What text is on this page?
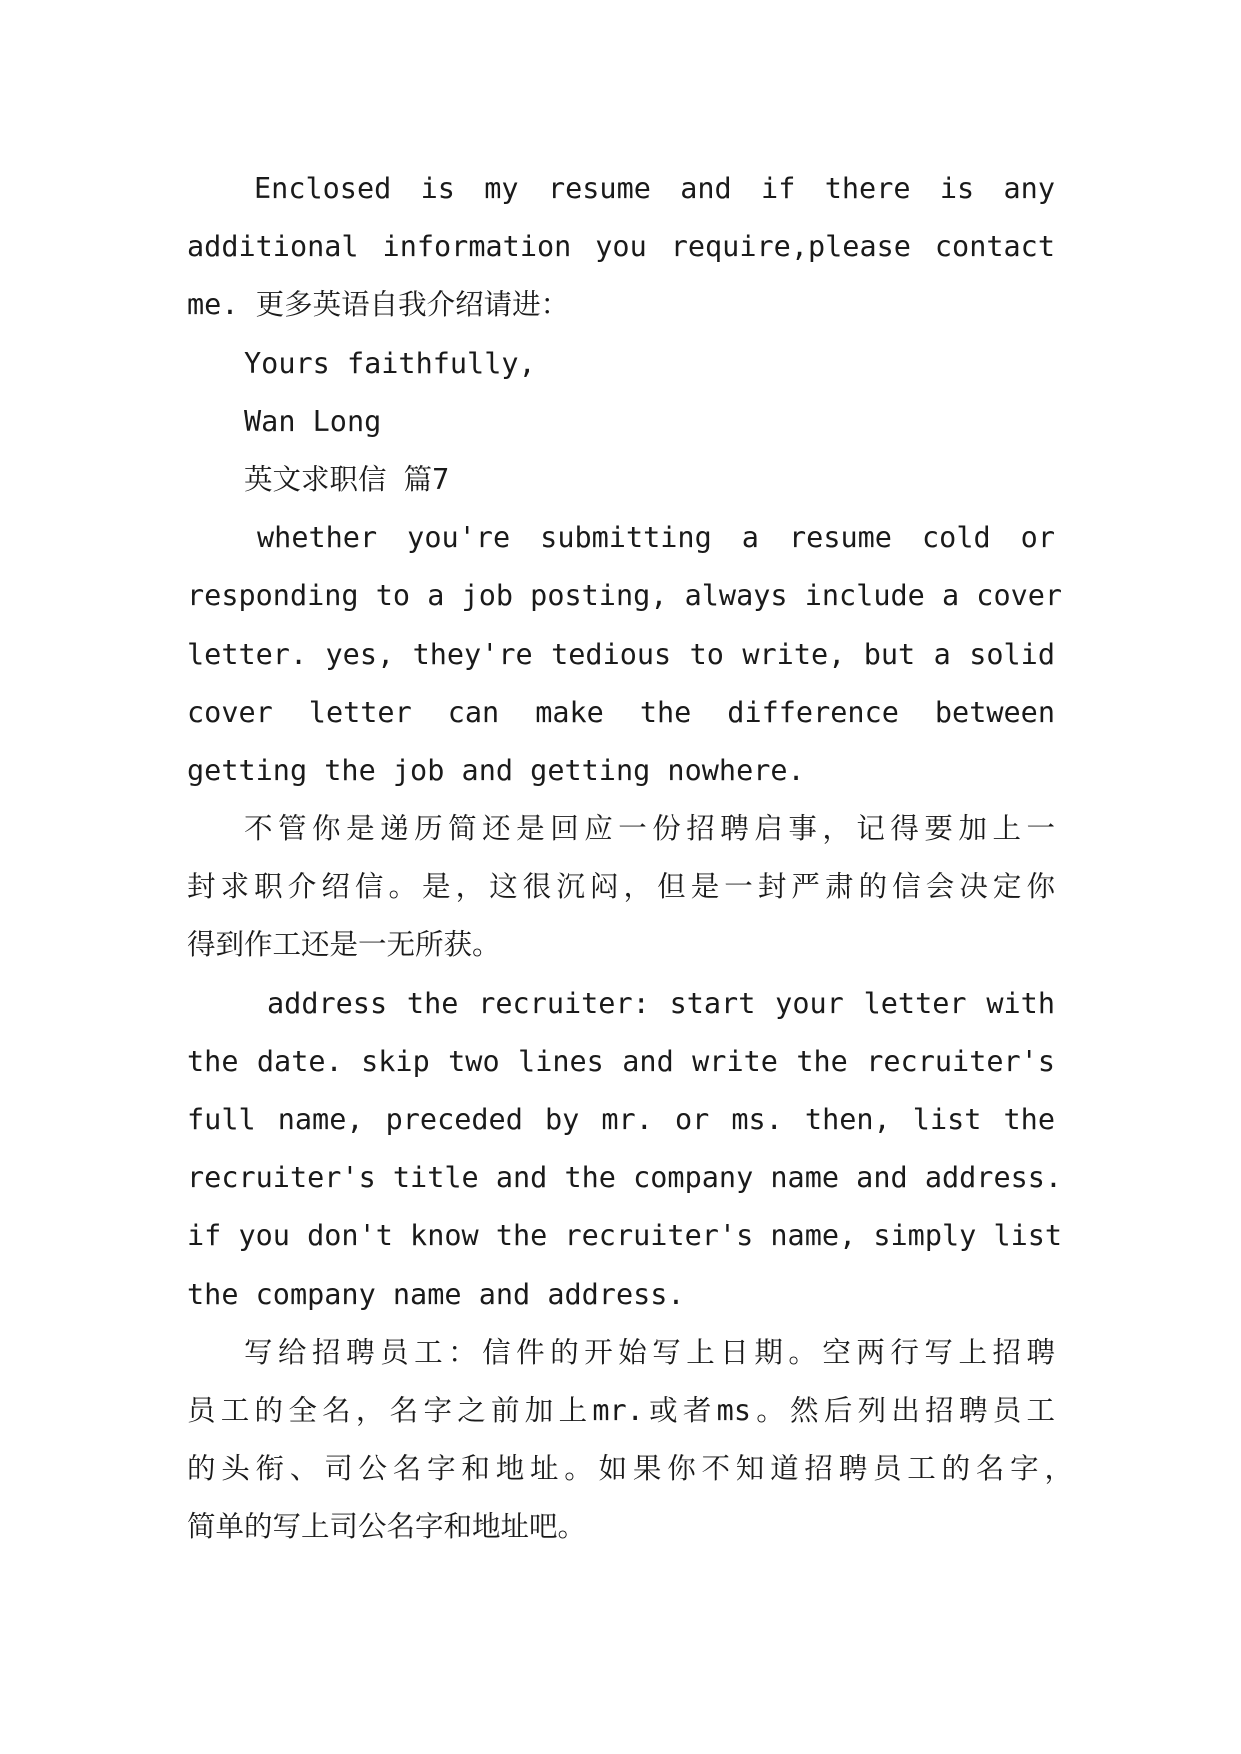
Enclosed is my resume and if there is any
additional information you require,please contact
me. 更多英语自我介绍请进：
Yours faithfully,
Wan Long
英文求职信 篇7
whether you're submitting a resume cold or
responding to a job posting, always include a cover
letter. yes, they're tedious to write, but a solid
cover letter can make the difference between
getting the job and getting nowhere.
不管你是递历简还是回应一份招聘启事，记得要加上一
封求职介绍信。是，这很沉闷，但是一封严肃的信会决定你
得到作工还是一无所获。
address the recruiter: start your letter with
the date. skip two lines and write the recruiter's
full name, preceded by mr. or ms. then, list the
recruiter's title and the company name and address.
if you don't know the recruiter's name, simply list
the company name and address.
写给招聘员工：信件的开始写上日期。空两行写上招聘
员工的全名，名字之前加上mr.或者ms。然后列出招聘员工
的头衔、司公名字和地址。如果你不知道招聘员工的名字，
简单的写上司公名字和地址吧。
